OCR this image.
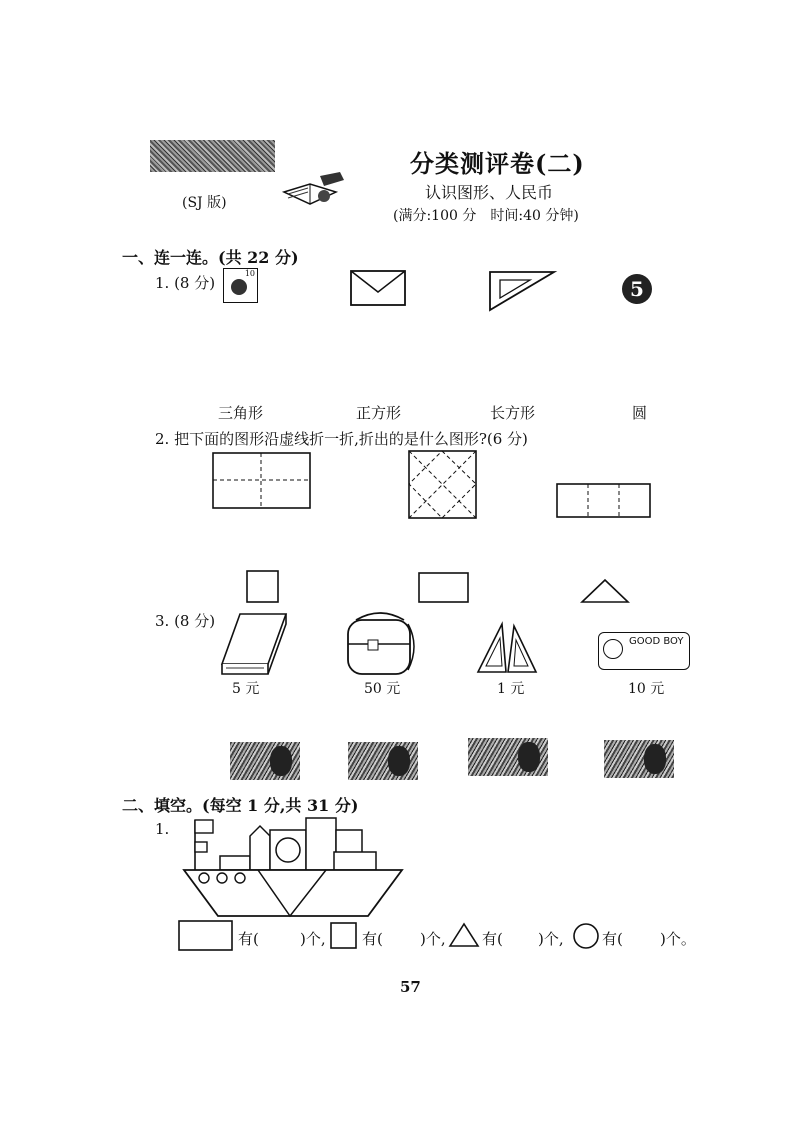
(SJ 版)
分类测评卷(二)
认识图形、人民币
(满分:100 分　时间:40 分钟)
一、连一连。(共 22 分)
1. (8 分)
10
5
三角形	正方形	长方形	圆
2. 把下面的图形沿虚线折一折,折出的是什么图形?(6 分)
3. (8 分)
GOOD BOY
5 元	50 元	1 元	10 元
二、填空。(每空 1 分,共 31 分)
1.
有(	)个, 有( )个, 有( )个,	有( )个。
57
